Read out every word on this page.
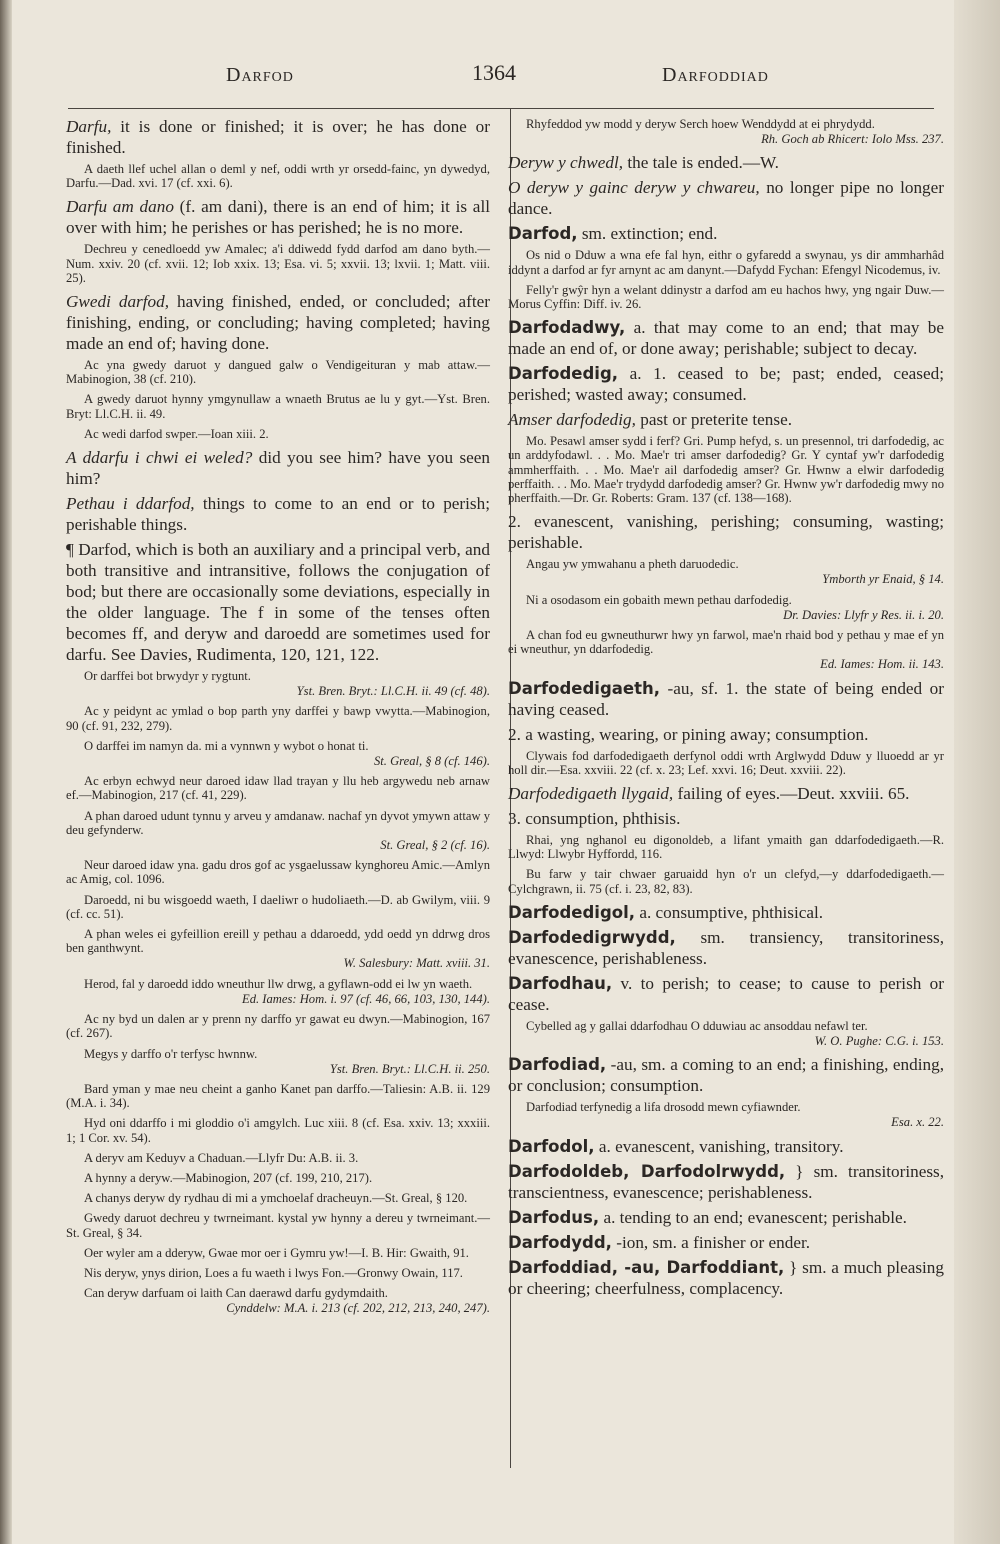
Darfod	1364	Darfoddiad
Darfu, it is done or finished; it is over; he has done or finished.
A daeth llef uchel allan o deml y nef, oddi wrth yr orsedd-fainc, yn dywedyd, Darfu.—Dad. xvi. 17 (cf. xxi. 6).
Darfu am dano (f. am dani), there is an end of him; it is all over with him; he perishes or has perished; he is no more.
Dechreu y cenedloedd yw Amalec; a'i ddiwedd fydd darfod am dano byth.—Num. xxiv. 20 (cf. xvii. 12; Iob xxix. 13; Esa. vi. 5; xxvii. 13; lxvii. 1; Matt. viii. 25).
Gwedi darfod, having finished, ended, or concluded; after finishing, ending, or concluding; having completed; having made an end of; having done.
Ac yna gwedy daruot y dangued galw o Vendigeituran y mab attaw.—Mabinogion, 38 (cf. 210).
A gwedy daruot hynny ymgynullaw a wnaeth Brutus ae lu y gyt.—Yst. Bren. Bryt: Ll.C.H. ii. 49.
Ac wedi darfod swper.—Ioan xiii. 2.
A ddarfu i chwi ei weled? did you see him? have you seen him?
Pethau i ddarfod, things to come to an end or to perish; perishable things.
¶ Darfod, which is both an auxiliary and a principal verb, and both transitive and intransitive, follows the conjugation of bod; but there are occasionally some deviations, especially in the older language. The f in some of the tenses often becomes ff, and deryw and daroedd are sometimes used for darfu. See Davies, Rudimenta, 120, 121, 122.
Or darffei bot brwydyr y rygtunt.
Yst. Bren. Bryt.: Ll.C.H. ii. 49 (cf. 48).
Ac y peidynt ac ymlad o bop parth yny darffei y bawp vwytta.—Mabinogion, 90 (cf. 91, 232, 279).
O darffei im namyn da. mi a vynnwn y wybot o honat ti.
St. Greal, § 8 (cf. 146).
Ac erbyn echwyd neur daroed idaw llad trayan y llu heb argywedu neb arnaw ef.—Mabinogion, 217 (cf. 41, 229).
A phan daroed udunt tynnu y arveu y amdanaw. nachaf yn dyvot ymywn attaw y deu gefynderw.
St. Greal, § 2 (cf. 16).
Neur daroed idaw yna. gadu dros gof ac ysgaelussaw kynghoreu Amic.—Amlyn ac Amig, col. 1096.
Daroedd, ni bu wisgoedd waeth, I daeliwr o hudoliaeth.—D. ab Gwilym, viii. 9 (cf. cc. 51).
A phan weles ei gyfeillion ereill y pethau a ddaroedd, ydd oedd yn ddrwg dros ben ganthwynt.
W. Salesbury: Matt. xviii. 31.
Herod, fal y daroedd iddo wneuthur llw drwg, a gyflawn-odd ei lw yn waeth.
Ed. Iames: Hom. i. 97 (cf. 46, 66, 103, 130, 144).
Ac ny byd un dalen ar y prenn ny darffo yr gawat eu dwyn.—Mabinogion, 167 (cf. 267).
Megys y darffo o'r terfysc hwnnw.
Yst. Bren. Bryt.: Ll.C.H. ii. 250.
Bard yman y mae neu cheint a ganho Kanet pan darffo.—Taliesin: A.B. ii. 129 (M.A. i. 34).
Hyd oni ddarffo i mi gloddio o'i amgylch. Luc xiii. 8 (cf. Esa. xxiv. 13; xxxiii. 1; 1 Cor. xv. 54).
A deryv am Keduyv a Chaduan.—Llyfr Du: A.B. ii. 3.
A hynny a deryw.—Mabinogion, 207 (cf. 199, 210, 217).
A chanys deryw dy rydhau di mi a ymchoelaf dracheuyn.—St. Greal, § 120.
Gwedy daruot dechreu y twrneimant. kystal yw hynny a dereu y twrneimant.—St. Greal, § 34.
Oer wyler am a dderyw, Gwae mor oer i Gymru yw!—I. B. Hir: Gwaith, 91.
Nis deryw, ynys dirion, Loes a fu waeth i lwys Fon.—Gronwy Owain, 117.
Can deryw darfuam oi laith Can daerawd darfu gydymdaith.
Cynddelw: M.A. i. 213 (cf. 202, 212, 213, 240, 247).
Rhyfeddod yw modd y deryw Serch hoew Wenddydd at ei phrydydd.
Rh. Goch ab Rhicert: Iolo Mss. 237.
Deryw y chwedl, the tale is ended.—W.
O deryw y gainc deryw y chwareu, no longer pipe no longer dance.
Darfod, sm. extinction; end.
Os nid o Dduw a wna efe fal hyn, eithr o gyfaredd a swynau, ys dir ammharhâd iddynt a darfod ar fyr arnynt ac am danynt.—Dafydd Fychan: Efengyl Nicodemus, iv.
Felly'r gwŷr hyn a welant ddinystr a darfod am eu hachos hwy, yng ngair Duw.—Morus Cyffin: Diff. iv. 26.
Darfodadwy, a. that may come to an end; that may be made an end of, or done away; perishable; subject to decay.
Darfodedig, a. 1. ceased to be; past; ended, ceased; perished; wasted away; consumed.
Amser darfodedig, past or preterite tense.
Mo. Pesawl amser sydd i ferf? Gri. Pump hefyd, s. un presennol, tri darfodedig, ac un arddyfodawl. . . Mo. Mae'r tri amser darfodedig? Gr. Y cyntaf yw'r darfodedig ammherffaith. . . Mo. Mae'r ail darfodedig amser? Gr. Hwnw a elwir darfodedig perffaith. . . Mo. Mae'r trydydd darfodedig amser? Gr. Hwnw yw'r darfodedig mwy no pherffaith.—Dr. Gr. Roberts: Gram. 137 (cf. 138—168).
2. evanescent, vanishing, perishing; consuming, wasting; perishable.
Angau yw ymwahanu a pheth daruodedic.
Ymborth yr Enaid, § 14.
Ni a osodasom ein gobaith mewn pethau darfodedig.
Dr. Davies: Llyfr y Res. ii. i. 20.
A chan fod eu gwneuthurwr hwy yn farwol, mae'n rhaid bod y pethau y mae ef yn ei wneuthur, yn ddarfodedig.
Ed. Iames: Hom. ii. 143.
Darfodedigaeth, -au, sf. 1. the state of being ended or having ceased.
2. a wasting, wearing, or pining away; consumption.
Clywais fod darfodedigaeth derfynol oddi wrth Arglwydd Dduw y lluoedd ar yr holl dir.—Esa. xxviii. 22 (cf. x. 23; Lef. xxvi. 16; Deut. xxviii. 22).
Darfodedigaeth llygaid, failing of eyes.—Deut. xxviii. 65.
3. consumption, phthisis.
Rhai, yng nghanol eu digonoldeb, a lifant ymaith gan ddarfodedigaeth.—R. Llwyd: Llwybr Hyffordd, 116.
Bu farw y tair chwaer garuaidd hyn o'r un clefyd,—y ddarfodedigaeth.—Cylchgrawn, ii. 75 (cf. i. 23, 82, 83).
Darfodedigol, a. consumptive, phthisical.
Darfodedigrwydd, sm. transiency, transitoriness, evanescence, perishableness.
Darfodhau, v. to perish; to cease; to cause to perish or cease.
Cybelled ag y gallai ddarfodhau O dduwiau ac ansoddau nefawl ter.
W. O. Pughe: C.G. i. 153.
Darfodiad, -au, sm. a coming to an end; a finishing, ending, or conclusion; consumption.
Darfodiad terfynedig a lifa drosodd mewn cyfiawnder.
Esa. x. 22.
Darfodol, a. evanescent, vanishing, transitory.
Darfodoldeb, Darfodolrwydd, } sm. transitoriness, transcientness, evanescence; perishableness.
Darfodus, a. tending to an end; evanescent; perishable.
Darfodydd, -ion, sm. a finisher or ender.
Darfoddiad, -au, Darfoddiant, } sm. a much pleasing or cheering; cheerfulness, complacency.
